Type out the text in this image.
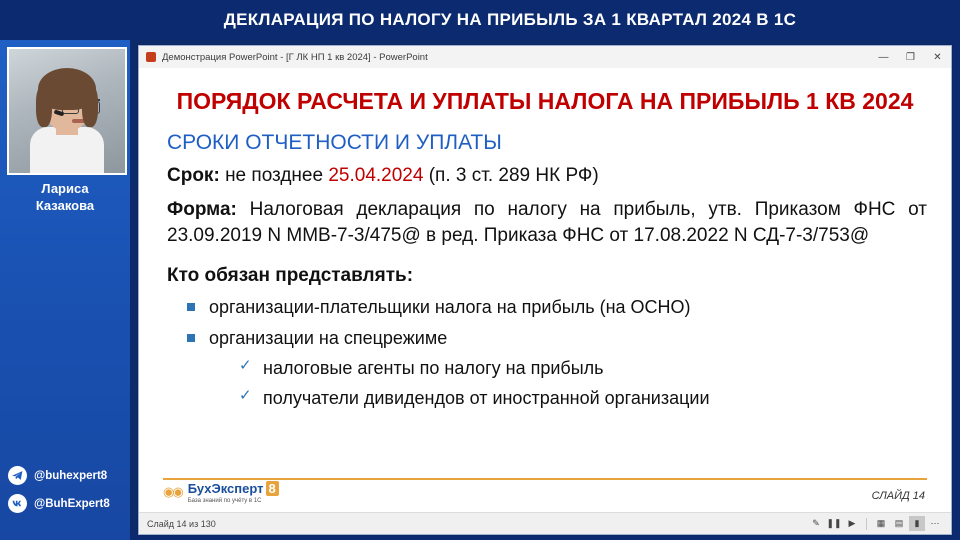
ДЕКЛАРАЦИЯ ПО НАЛОГУ НА ПРИБЫЛЬ ЗА 1 КВАРТАЛ 2024 В 1С
Лариса
Казакова
@buhexpert8
@BuhExpert8
Демонстрация PowerPoint - [Г ЛК НП 1 кв 2024] - PowerPoint	—	❐	✕
ПОРЯДОК РАСЧЕТА И УПЛАТЫ НАЛОГА НА ПРИБЫЛЬ 1 КВ 2024
СРОКИ ОТЧЕТНОСТИ И УПЛАТЫ
Срок: не позднее 25.04.2024 (п. 3 ст. 289 НК РФ)
Форма: Налоговая декларация по налогу на прибыль, утв. Приказом ФНС от 23.09.2019 N ММВ-7-3/475@ в ред. Приказа ФНС от 17.08.2022 N СД-7-3/753@
Кто обязан представлять:
организации-плательщики налога на прибыль (на ОСНО)
организации на спецрежиме
✓ налоговые агенты по налогу на прибыль
✓ получатели дивидендов от иностранной организации
◉◉ БухЭксперт 8
База знаний по учёту в 1С	СЛАЙД 14
Слайд 14 из 130	✎ ❚❚ ▶	▦	▤	▮	⋯
